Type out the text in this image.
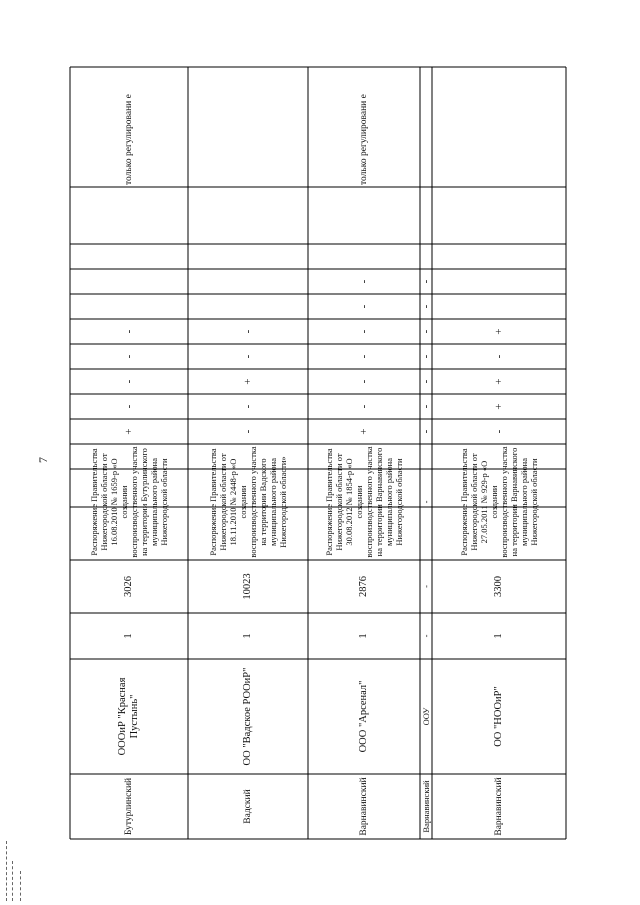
7
Бутурлинский
ОООиР "Красная Пустынь"
1
3026
Распоряжение Правительства Нижегородской области от 16.08.2010 № 1659-р «О создании воспроизводственного участка на территории Бутурлинского муниципального района Нижегородской области
+
-
-
-
-
только регулировани е
Вадский
ОО "Вадское РООиР"
1
10023
Распоряжение Правительства Нижегородской области от 18.11.2010 № 2448-р «О создании воспроизводственного участка на территории Вадского муниципального района Нижегородской области»
-
-
+
-
-
Варнавинский
ООО "Арсенал"
1
2876
Распоряжение Правительства Нижегородской области от 30.08.2012 № 1854-р «О создании воспроизводственного участка на территории Варнавинского муниципального района Нижегородской области
+
-
-
-
-
-
-
только регулировани е
Варнавинский
ООУ
-
-
-
-
-
-
-
-
-
-
Варнавинский
ОО "НООиР"
1
3300
Распоряжение Правительства Нижегородской области от 27.05.2011 № 929-р «О создании воспроизводственного участка на территории Варнавинского муниципального района Нижегородской области
-
+
+
-
+
